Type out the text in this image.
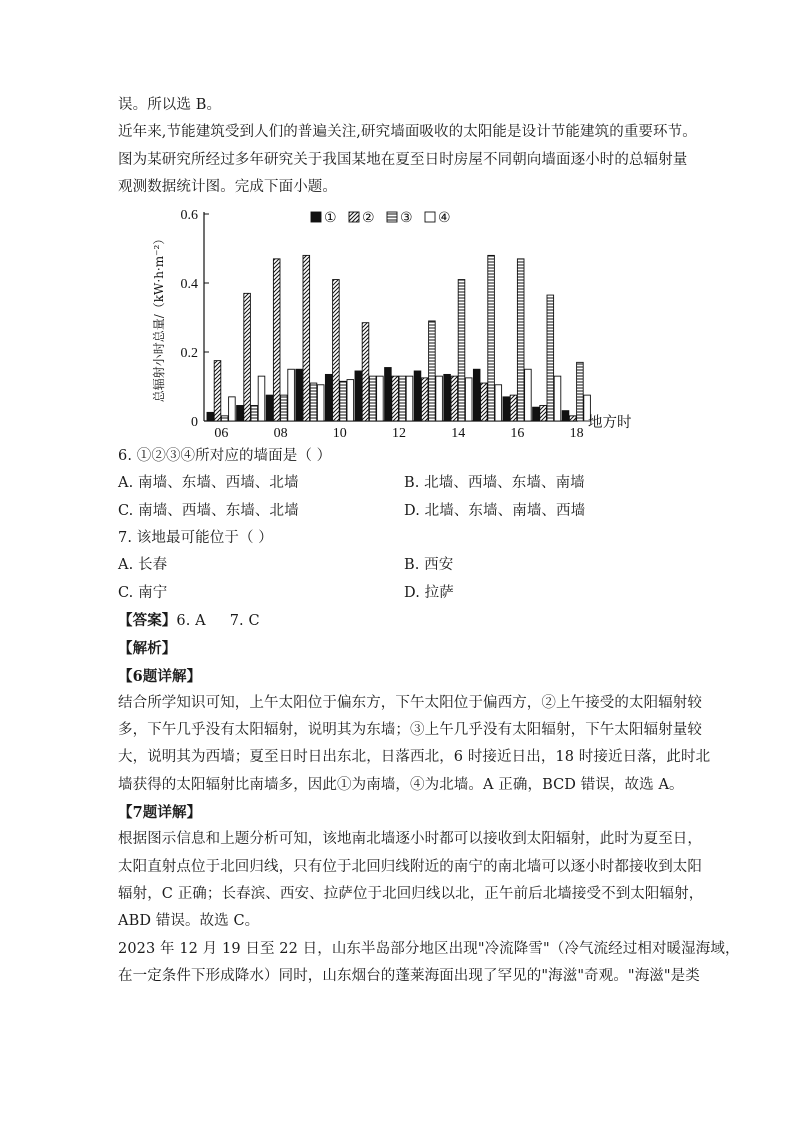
误。所以选 B。
近年来,节能建筑受到人们的普遍关注,研究墙面吸收的太阳能是设计节能建筑的重要环节。
图为某研究所经过多年研究关于我国某地在夏至日时房屋不同朝向墙面逐小时的总辐射量
观测数据统计图。完成下面小题。
0
0.2
0.4
0.6
06	08	10	12	14	16	18
地方时
总辐射小时总量/（kW·h·m⁻²）
① ② ③ ④
6. ①②③④所对应的墙面是（ ）
A. 南墙、东墙、西墙、北墙	B. 北墙、西墙、东墙、南墙
C. 南墙、西墙、东墙、北墙	D. 北墙、东墙、南墙、西墙
7. 该地最可能位于（ ）
A. 长春	B. 西安
C. 南宁	D. 拉萨
【答案】6. A 7. C
【解析】
【6题详解】
结合所学知识可知，上午太阳位于偏东方，下午太阳位于偏西方，②上午接受的太阳辐射较
多，下午几乎没有太阳辐射，说明其为东墙；③上午几乎没有太阳辐射，下午太阳辐射量较
大，说明其为西墙；夏至日时日出东北，日落西北，6 时接近日出，18 时接近日落，此时北
墙获得的太阳辐射比南墙多，因此①为南墙，④为北墙。A 正确，BCD 错误，故选 A。
【7题详解】
根据图示信息和上题分析可知，该地南北墙逐小时都可以接收到太阳辐射，此时为夏至日，
太阳直射点位于北回归线，只有位于北回归线附近的南宁的南北墙可以逐小时都接收到太阳
辐射，C 正确；长春滨、西安、拉萨位于北回归线以北，正午前后北墙接受不到太阳辐射，
ABD 错误。故选 C。
2023 年 12 月 19 日至 22 日，山东半岛部分地区出现"冷流降雪"（冷气流经过相对暖湿海域，
在一定条件下形成降水）同时，山东烟台的蓬莱海面出现了罕见的"海滋"奇观。"海滋"是类
